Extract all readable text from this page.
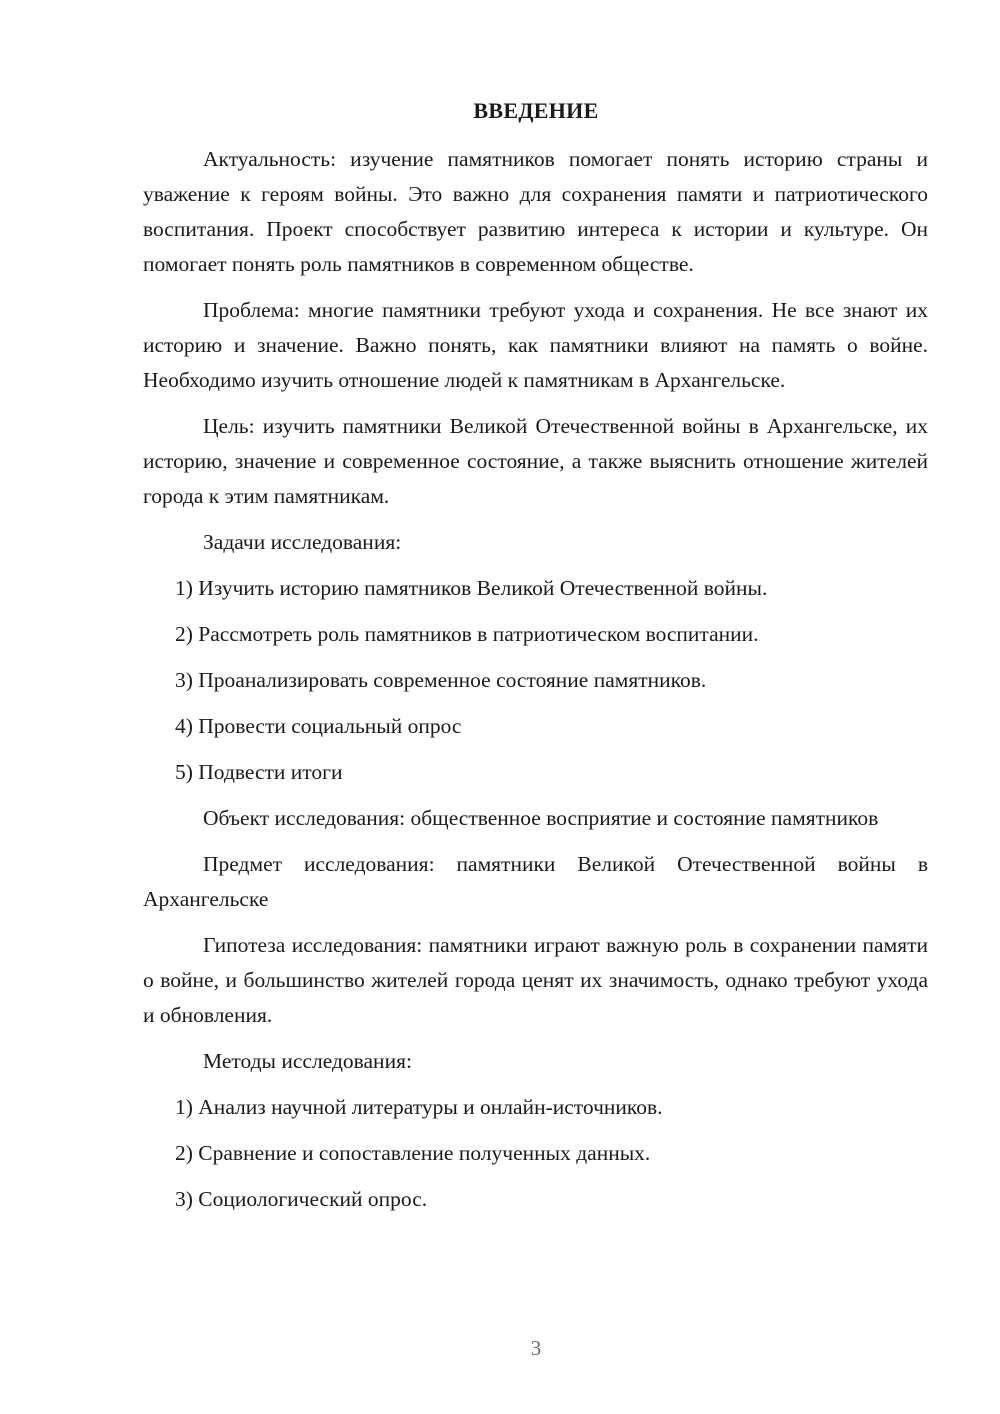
ВВЕДЕНИЕ

Актуальность: изучение памятников помогает понять историю страны и уважение к героям войны. Это важно для сохранения памяти и патриотического воспитания. Проект способствует развитию интереса к истории и культуре. Он помогает понять роль памятников в современном обществе.

Проблема: многие памятники требуют ухода и сохранения. Не все знают их историю и значение. Важно понять, как памятники влияют на память о войне. Необходимо изучить отношение людей к памятникам в Архангельске.

Цель: изучить памятники Великой Отечественной войны в Архангельске, их историю, значение и современное состояние, а также выяснить отношение жителей города к этим памятникам.

Задачи исследования:

1) Изучить историю памятников Великой Отечественной войны.
2) Рассмотреть роль памятников в патриотическом воспитании.
3) Проанализировать современное состояние памятников.
4) Провести социальный опрос
5) Подвести итоги

Объект исследования: общественное восприятие и состояние памятников

Предмет исследования: памятники Великой Отечественной войны в Архангельске

Гипотеза исследования: памятники играют важную роль в сохранении памяти о войне, и большинство жителей города ценят их значимость, однако требуют ухода и обновления.

Методы исследования:

1) Анализ научной литературы и онлайн-источников.
2) Сравнение и сопоставление полученных данных.
3) Социологический опрос.
3
